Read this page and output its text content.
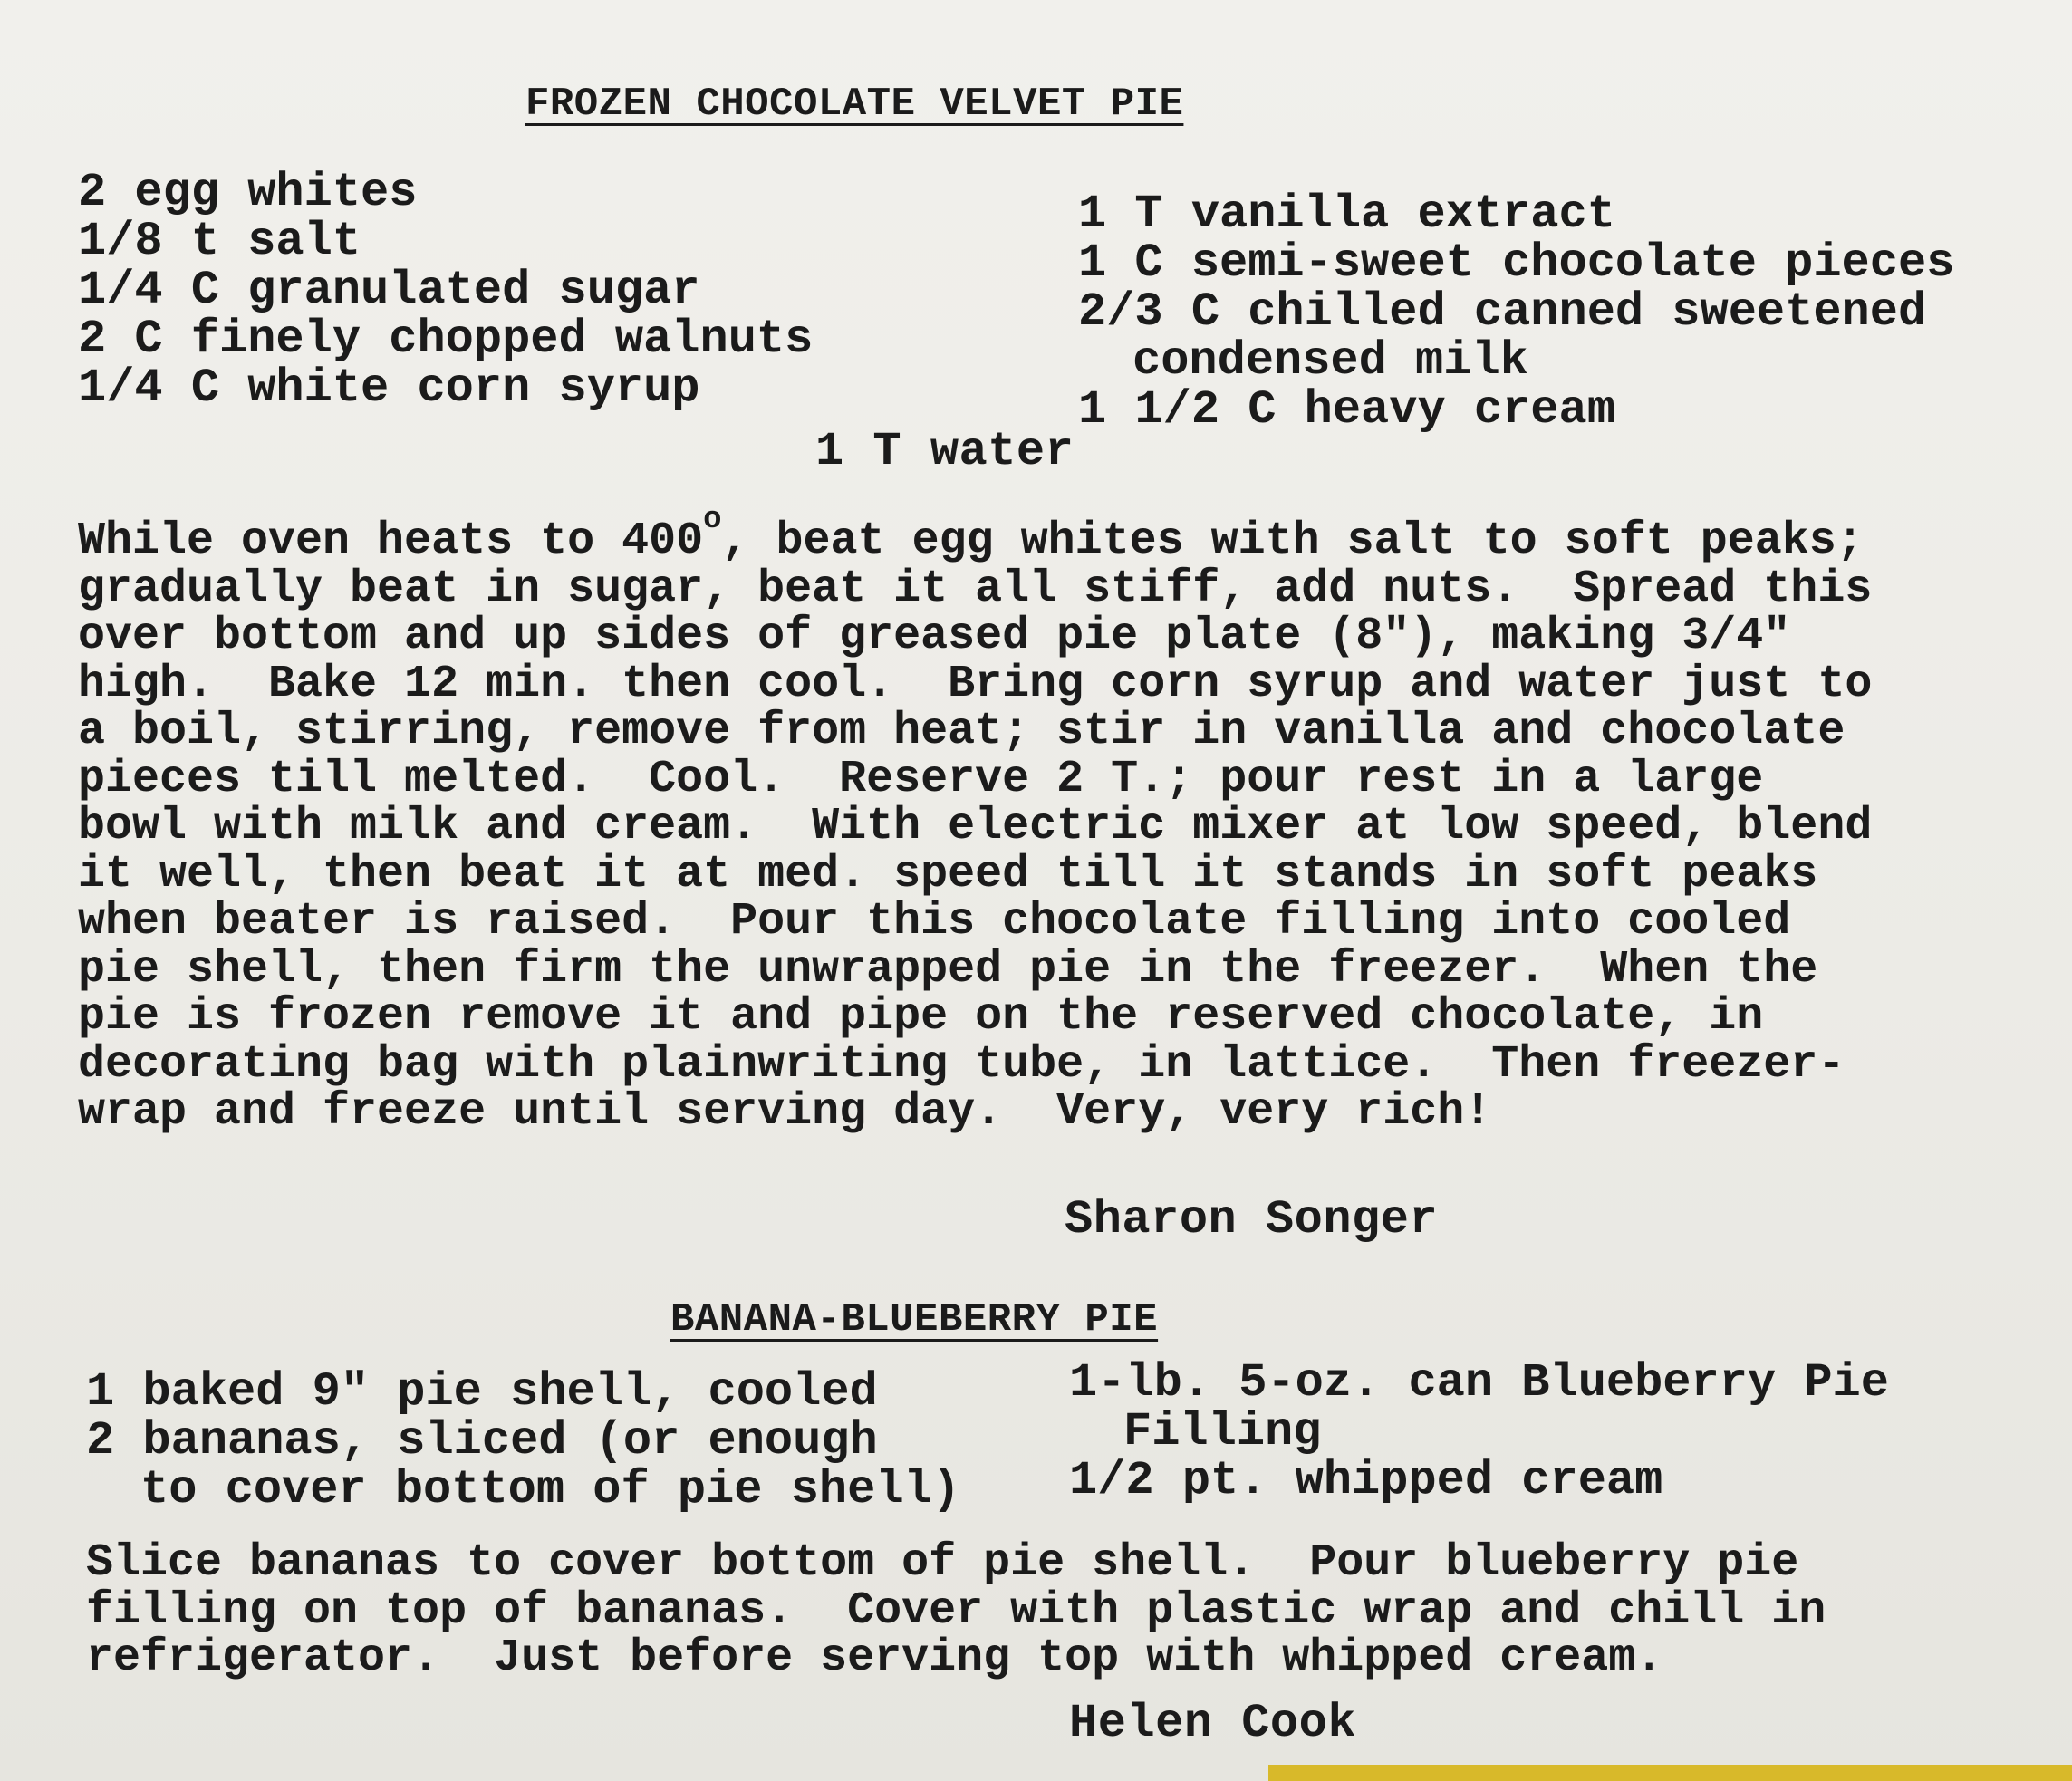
FROZEN CHOCOLATE VELVET PIE
2 egg whites
1/8 t salt
1/4 C granulated sugar
2 C finely chopped walnuts
1/4 C white corn syrup
1 T vanilla extract
1 C semi-sweet chocolate pieces
2/3 C chilled canned sweetened
condensed milk
1 1/2 C heavy cream
1 T water
While oven heats to 400$^o$, beat egg whites with salt to soft peaks;
gradually beat in sugar, beat it all stiff, add nuts.  Spread this
over bottom and up sides of greased pie plate (8"), making 3/4"
high.  Bake 12 min. then cool.  Bring corn syrup and water just to
a boil, stirring, remove from heat; stir in vanilla and chocolate
pieces till melted.  Cool.  Reserve 2 T.; pour rest in a large
bowl with milk and cream.  With electric mixer at low speed, blend
it well, then beat it at med. speed till it stands in soft peaks
when beater is raised.  Pour this chocolate filling into cooled
pie shell, then firm the unwrapped pie in the freezer.  When the
pie is frozen remove it and pipe on the reserved chocolate, in
decorating bag with plainwriting tube, in lattice.  Then freezer-
wrap and freeze until serving day.  Very, very rich!
Sharon Songer
BANANA-BLUEBERRY PIE
1 baked 9" pie shell, cooled
2 bananas, sliced (or enough
to cover bottom of pie shell)
1-lb. 5-oz. can Blueberry Pie
Filling
1/2 pt. whipped cream
Slice bananas to cover bottom of pie shell.  Pour blueberry pie
filling on top of bananas.  Cover with plastic wrap and chill in
refrigerator.  Just before serving top with whipped cream.
Helen Cook
